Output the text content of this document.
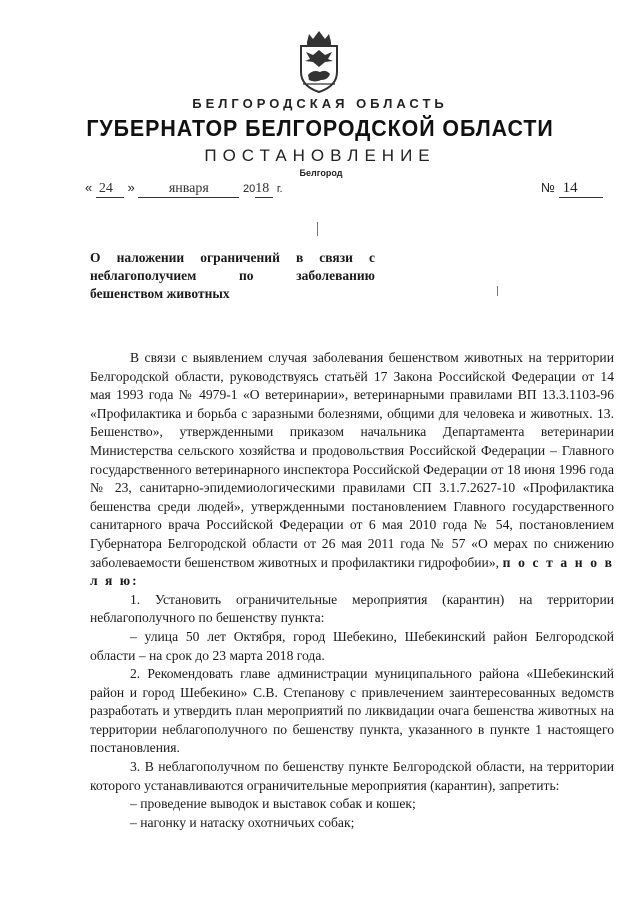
БЕЛГОРОДСКАЯ ОБЛАСТЬ
ГУБЕРНАТОР БЕЛГОРОДСКОЙ ОБЛАСТИ
ПОСТАНОВЛЕНИЕ
Белгород
« 24 » января	2018 г.	№ 14
О наложении ограничений в связи с
неблагополучием по заболеванию
бешенством животных

В связи с выявлением случая заболевания бешенством животных на территории Белгородской области, руководствуясь статьёй 17 Закона Российской Федерации от 14 мая 1993 года № 4979-1 «О ветеринарии», ветеринарными правилами ВП 13.3.1103-96 «Профилактика и борьба с заразными болезнями, общими для человека и животных. 13. Бешенство», утвержденными приказом начальника Департамента ветеринарии Министерства сельского хозяйства и продовольствия Российской Федерации – Главного государственного ветеринарного инспектора Российской Федерации от 18 июня 1996 года № 23, санитарно-эпидемиологическими правилами СП 3.1.7.2627-10 «Профилактика бешенства среди людей», утвержденными постановлением Главного государственного санитарного врача Российской Федерации от 6 мая 2010 года № 54, постановлением Губернатора Белгородской области от 26 мая 2011 года № 57 «О мерах по снижению заболеваемости бешенством животных и профилактики гидрофобии», п о с т а н о в л я ю:

1. Установить ограничительные мероприятия (карантин) на территории неблагополучного по бешенству пункта:

– улица 50 лет Октября, город Шебекино, Шебекинский район Белгородской области – на срок до 23 марта 2018 года.

2. Рекомендовать главе администрации муниципального района «Шебекинский район и город Шебекино» С.В. Степанову с привлечением заинтересованных ведомств разработать и утвердить план мероприятий по ликвидации очага бешенства животных на территории неблагополучного по бешенству пункта, указанного в пункте 1 настоящего постановления.

3. В неблагополучном по бешенству пункте Белгородской области, на территории которого устанавливаются ограничительные мероприятия (карантин), запретить:

– проведение выводок и выставок собак и кошек;

– нагонку и натаску охотничьих собак;
